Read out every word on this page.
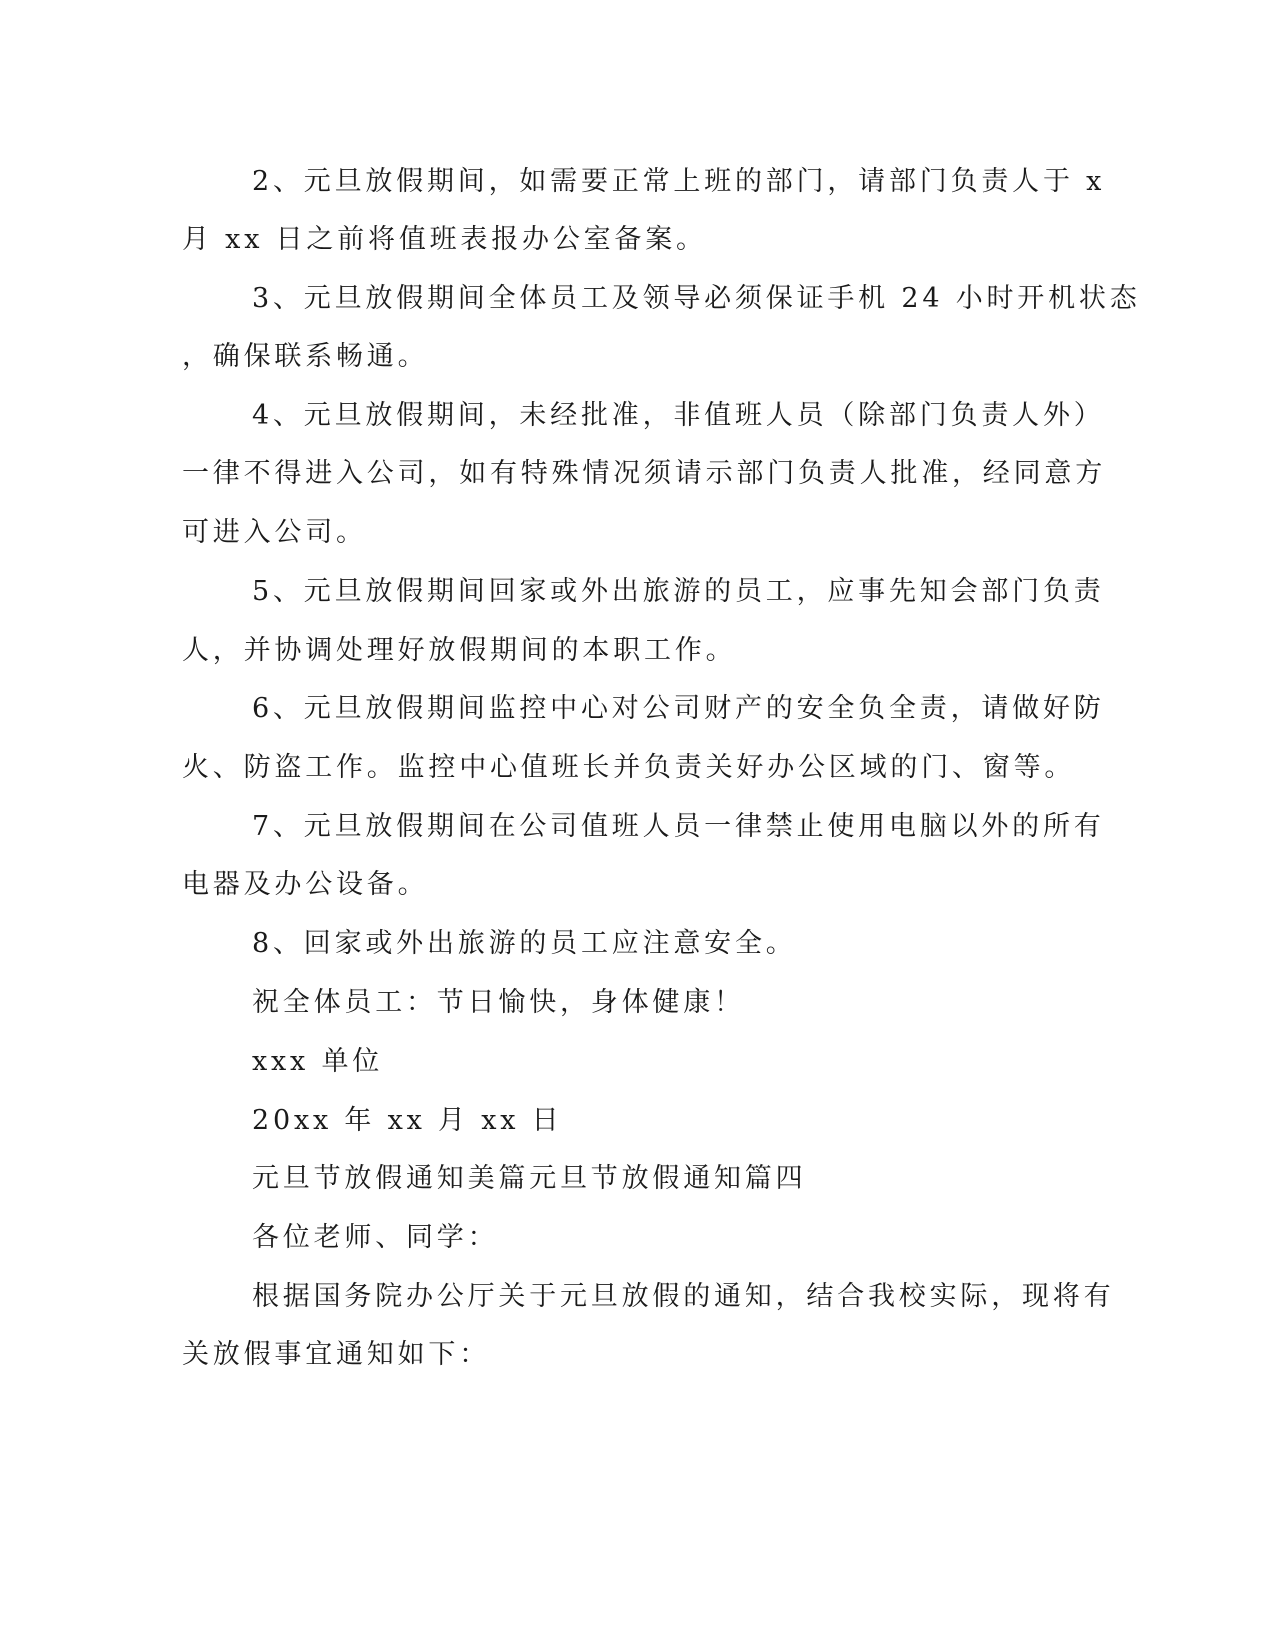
2、元旦放假期间，如需要正常上班的部门，请部门负责人于 x
月 xx 日之前将值班表报办公室备案。
3、元旦放假期间全体员工及领导必须保证手机 24 小时开机状态
，确保联系畅通。
4、元旦放假期间，未经批准，非值班人员（除部门负责人外）
一律不得进入公司，如有特殊情况须请示部门负责人批准，经同意方
可进入公司。
5、元旦放假期间回家或外出旅游的员工，应事先知会部门负责
人，并协调处理好放假期间的本职工作。
6、元旦放假期间监控中心对公司财产的安全负全责，请做好防
火、防盗工作。监控中心值班长并负责关好办公区域的门、窗等。
7、元旦放假期间在公司值班人员一律禁止使用电脑以外的所有
电器及办公设备。
8、回家或外出旅游的员工应注意安全。
祝全体员工：节日愉快，身体健康！
xxx 单位
20xx 年 xx 月 xx 日
元旦节放假通知美篇元旦节放假通知篇四
各位老师、同学：
根据国务院办公厅关于元旦放假的通知，结合我校实际，现将有
关放假事宜通知如下：
